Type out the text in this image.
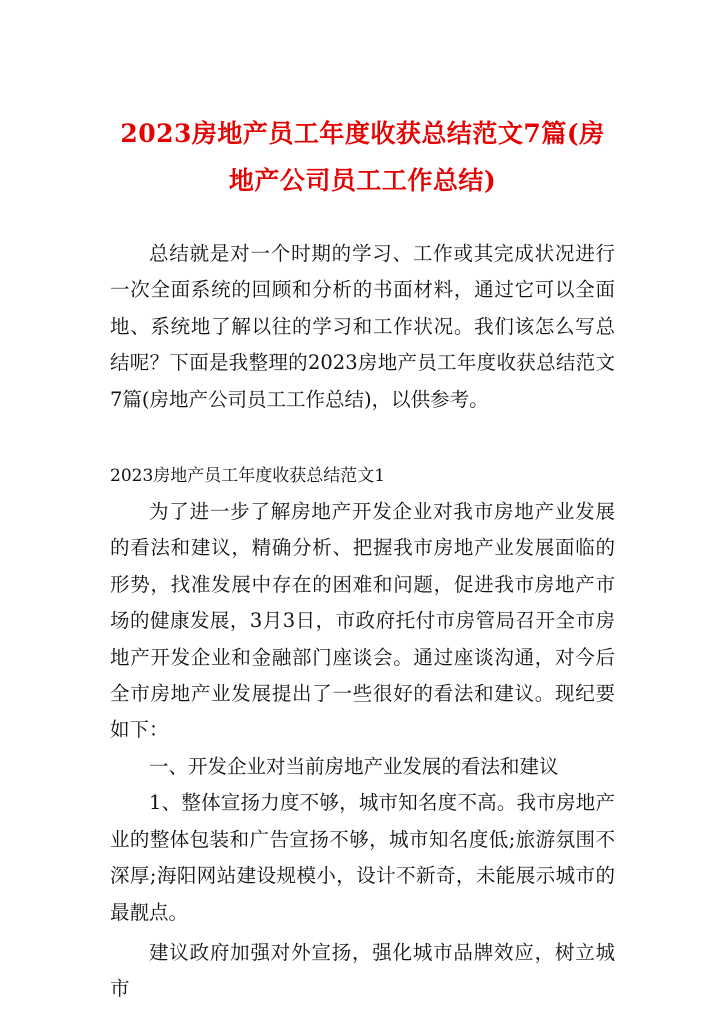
2023房地产员工年度收获总结范文7篇(房地产公司员工工作总结)

总结就是对一个时期的学习、工作或其完成状况进行一次全面系统的回顾和分析的书面材料，通过它可以全面地、系统地了解以往的学习和工作状况。我们该怎么写总结呢？下面是我整理的2023房地产员工年度收获总结范文7篇(房地产公司员工工作总结)，以供参考。

2023房地产员工年度收获总结范文1

为了进一步了解房地产开发企业对我市房地产业发展的看法和建议，精确分析、把握我市房地产业发展面临的形势，找准发展中存在的困难和问题，促进我市房地产市场的健康发展，3月3日，市政府托付市房管局召开全市房地产开发企业和金融部门座谈会。通过座谈沟通，对今后全市房地产业发展提出了一些很好的看法和建议。现纪要如下：

一、开发企业对当前房地产业发展的看法和建议

1、整体宣扬力度不够，城市知名度不高。我市房地产业的整体包装和广告宣扬不够，城市知名度低;旅游氛围不深厚;海阳网站建设规模小，设计不新奇，未能展示城市的最靓点。

建议政府加强对外宣扬，强化城市品牌效应，树立城市
